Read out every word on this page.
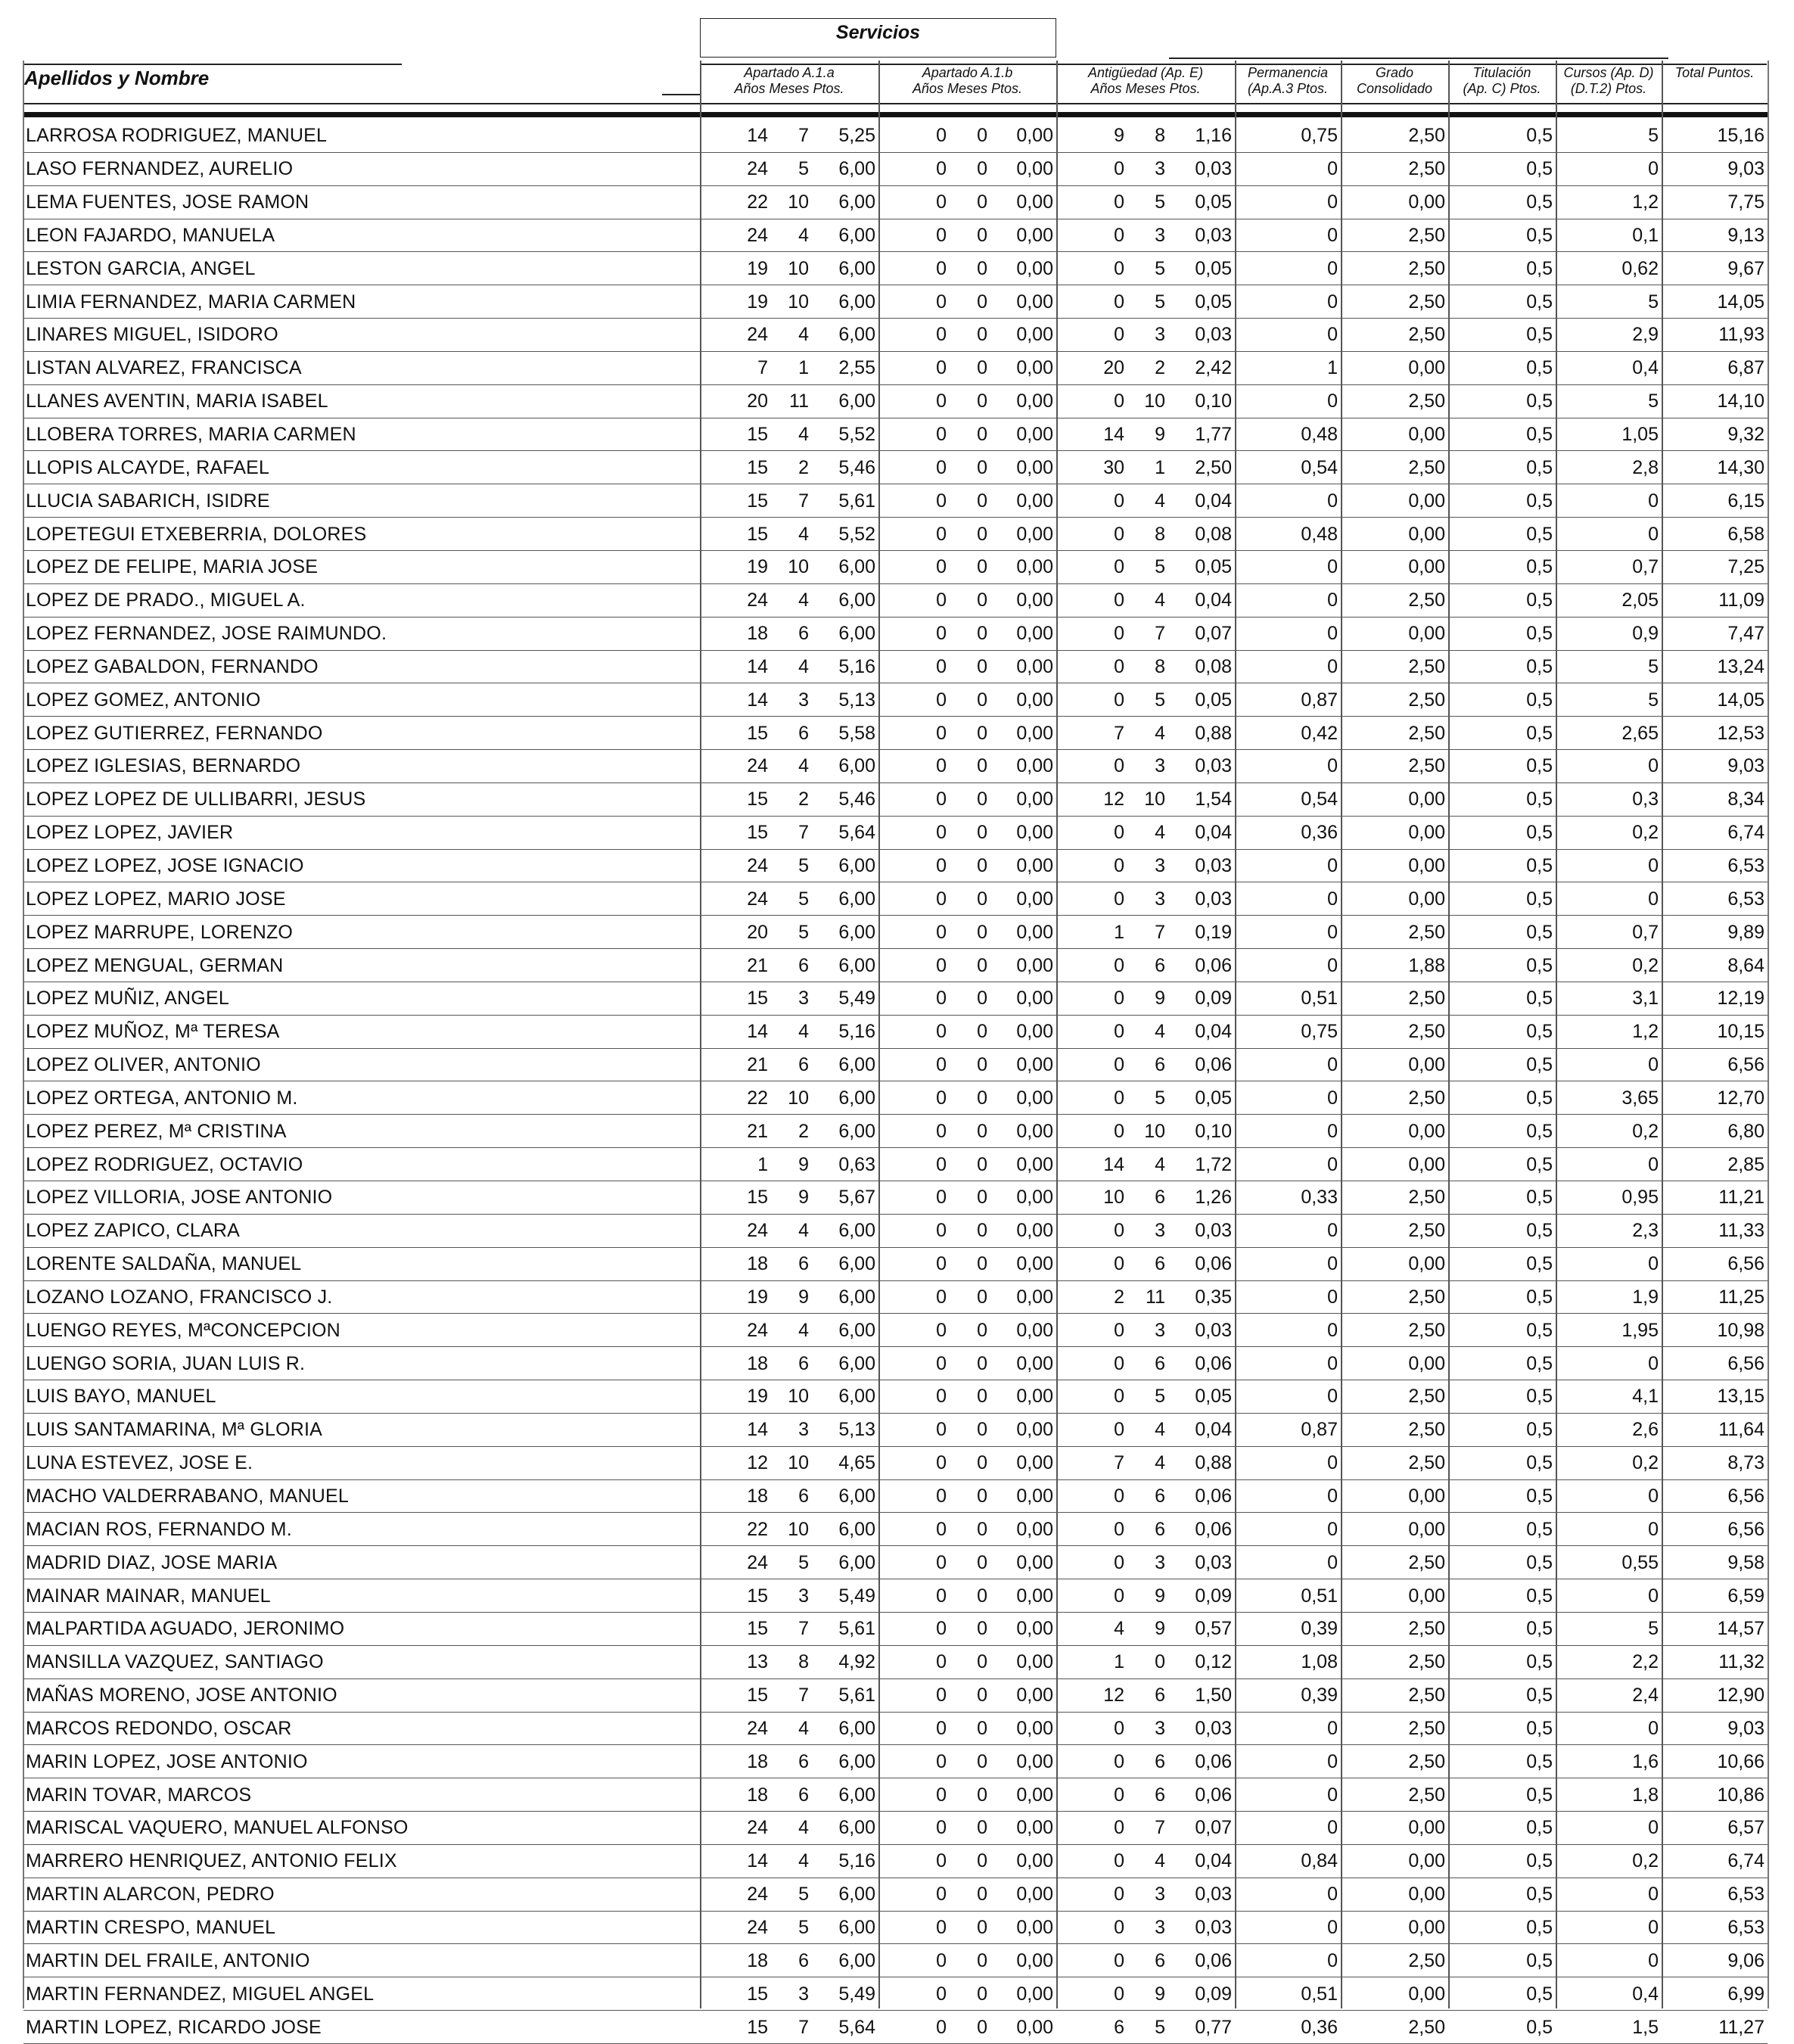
Servicios
Apellidos y Nombre	Apartado A.1.a
Años Meses Ptos.
Apartado A.1.b
Años Meses Ptos.
Antigüedad (Ap. E)
Años Meses Ptos.
Permanencia
(Ap.A.3 Ptos.
Grado
Consolidado
Titulación
(Ap. C) Ptos.
Cursos (Ap. D)
(D.T.2) Ptos.
Total Puntos.
LARROSA RODRIGUEZ, MANUEL	14	7	5,25	0	0	0,00	9	8	1,16	0,75	2,50	0,5	5	15,16
LASO FERNANDEZ, AURELIO	24	5	6,00	0	0	0,00	0	3	0,03	0	2,50	0,5	0	9,03
LEMA FUENTES, JOSE RAMON	22	10	6,00	0	0	0,00	0	5	0,05	0	0,00	0,5	1,2	7,75
LEON FAJARDO, MANUELA	24	4	6,00	0	0	0,00	0	3	0,03	0	2,50	0,5	0,1	9,13
LESTON GARCIA, ANGEL	19	10	6,00	0	0	0,00	0	5	0,05	0	2,50	0,5	0,62	9,67
LIMIA FERNANDEZ, MARIA CARMEN	19	10	6,00	0	0	0,00	0	5	0,05	0	2,50	0,5	5	14,05
LINARES MIGUEL, ISIDORO	24	4	6,00	0	0	0,00	0	3	0,03	0	2,50	0,5	2,9	11,93
LISTAN ALVAREZ, FRANCISCA	7	1	2,55	0	0	0,00	20	2	2,42	1	0,00	0,5	0,4	6,87
LLANES AVENTIN, MARIA ISABEL	20	11	6,00	0	0	0,00	0	10	0,10	0	2,50	0,5	5	14,10
LLOBERA TORRES, MARIA CARMEN	15	4	5,52	0	0	0,00	14	9	1,77	0,48	0,00	0,5	1,05	9,32
LLOPIS ALCAYDE, RAFAEL	15	2	5,46	0	0	0,00	30	1	2,50	0,54	2,50	0,5	2,8	14,30
LLUCIA SABARICH, ISIDRE	15	7	5,61	0	0	0,00	0	4	0,04	0	0,00	0,5	0	6,15
LOPETEGUI ETXEBERRIA, DOLORES	15	4	5,52	0	0	0,00	0	8	0,08	0,48	0,00	0,5	0	6,58
LOPEZ DE FELIPE, MARIA JOSE	19	10	6,00	0	0	0,00	0	5	0,05	0	0,00	0,5	0,7	7,25
LOPEZ DE PRADO., MIGUEL A.	24	4	6,00	0	0	0,00	0	4	0,04	0	2,50	0,5	2,05	11,09
LOPEZ FERNANDEZ, JOSE RAIMUNDO.	18	6	6,00	0	0	0,00	0	7	0,07	0	0,00	0,5	0,9	7,47
LOPEZ GABALDON, FERNANDO	14	4	5,16	0	0	0,00	0	8	0,08	0	2,50	0,5	5	13,24
LOPEZ GOMEZ, ANTONIO	14	3	5,13	0	0	0,00	0	5	0,05	0,87	2,50	0,5	5	14,05
LOPEZ GUTIERREZ, FERNANDO	15	6	5,58	0	0	0,00	7	4	0,88	0,42	2,50	0,5	2,65	12,53
LOPEZ IGLESIAS, BERNARDO	24	4	6,00	0	0	0,00	0	3	0,03	0	2,50	0,5	0	9,03
LOPEZ LOPEZ DE ULLIBARRI, JESUS	15	2	5,46	0	0	0,00	12	10	1,54	0,54	0,00	0,5	0,3	8,34
LOPEZ LOPEZ, JAVIER	15	7	5,64	0	0	0,00	0	4	0,04	0,36	0,00	0,5	0,2	6,74
LOPEZ LOPEZ, JOSE IGNACIO	24	5	6,00	0	0	0,00	0	3	0,03	0	0,00	0,5	0	6,53
LOPEZ LOPEZ, MARIO JOSE	24	5	6,00	0	0	0,00	0	3	0,03	0	0,00	0,5	0	6,53
LOPEZ MARRUPE, LORENZO	20	5	6,00	0	0	0,00	1	7	0,19	0	2,50	0,5	0,7	9,89
LOPEZ MENGUAL, GERMAN	21	6	6,00	0	0	0,00	0	6	0,06	0	1,88	0,5	0,2	8,64
LOPEZ MUÑIZ, ANGEL	15	3	5,49	0	0	0,00	0	9	0,09	0,51	2,50	0,5	3,1	12,19
LOPEZ MUÑOZ, Mª TERESA	14	4	5,16	0	0	0,00	0	4	0,04	0,75	2,50	0,5	1,2	10,15
LOPEZ OLIVER, ANTONIO	21	6	6,00	0	0	0,00	0	6	0,06	0	0,00	0,5	0	6,56
LOPEZ ORTEGA, ANTONIO M.	22	10	6,00	0	0	0,00	0	5	0,05	0	2,50	0,5	3,65	12,70
LOPEZ PEREZ, Mª CRISTINA	21	2	6,00	0	0	0,00	0	10	0,10	0	0,00	0,5	0,2	6,80
LOPEZ RODRIGUEZ, OCTAVIO	1	9	0,63	0	0	0,00	14	4	1,72	0	0,00	0,5	0	2,85
LOPEZ VILLORIA, JOSE ANTONIO	15	9	5,67	0	0	0,00	10	6	1,26	0,33	2,50	0,5	0,95	11,21
LOPEZ ZAPICO, CLARA	24	4	6,00	0	0	0,00	0	3	0,03	0	2,50	0,5	2,3	11,33
LORENTE SALDAÑA, MANUEL	18	6	6,00	0	0	0,00	0	6	0,06	0	0,00	0,5	0	6,56
LOZANO LOZANO, FRANCISCO J.	19	9	6,00	0	0	0,00	2	11	0,35	0	2,50	0,5	1,9	11,25
LUENGO REYES, MªCONCEPCION	24	4	6,00	0	0	0,00	0	3	0,03	0	2,50	0,5	1,95	10,98
LUENGO SORIA, JUAN LUIS R.	18	6	6,00	0	0	0,00	0	6	0,06	0	0,00	0,5	0	6,56
LUIS BAYO, MANUEL	19	10	6,00	0	0	0,00	0	5	0,05	0	2,50	0,5	4,1	13,15
LUIS SANTAMARINA, Mª GLORIA	14	3	5,13	0	0	0,00	0	4	0,04	0,87	2,50	0,5	2,6	11,64
LUNA ESTEVEZ, JOSE E.	12	10	4,65	0	0	0,00	7	4	0,88	0	2,50	0,5	0,2	8,73
MACHO VALDERRABANO, MANUEL	18	6	6,00	0	0	0,00	0	6	0,06	0	0,00	0,5	0	6,56
MACIAN ROS, FERNANDO M.	22	10	6,00	0	0	0,00	0	6	0,06	0	0,00	0,5	0	6,56
MADRID DIAZ, JOSE MARIA	24	5	6,00	0	0	0,00	0	3	0,03	0	2,50	0,5	0,55	9,58
MAINAR MAINAR, MANUEL	15	3	5,49	0	0	0,00	0	9	0,09	0,51	0,00	0,5	0	6,59
MALPARTIDA AGUADO, JERONIMO	15	7	5,61	0	0	0,00	4	9	0,57	0,39	2,50	0,5	5	14,57
MANSILLA VAZQUEZ, SANTIAGO	13	8	4,92	0	0	0,00	1	0	0,12	1,08	2,50	0,5	2,2	11,32
MAÑAS MORENO, JOSE ANTONIO	15	7	5,61	0	0	0,00	12	6	1,50	0,39	2,50	0,5	2,4	12,90
MARCOS REDONDO, OSCAR	24	4	6,00	0	0	0,00	0	3	0,03	0	2,50	0,5	0	9,03
MARIN LOPEZ, JOSE ANTONIO	18	6	6,00	0	0	0,00	0	6	0,06	0	2,50	0,5	1,6	10,66
MARIN TOVAR, MARCOS	18	6	6,00	0	0	0,00	0	6	0,06	0	2,50	0,5	1,8	10,86
MARISCAL VAQUERO, MANUEL ALFONSO	24	4	6,00	0	0	0,00	0	7	0,07	0	0,00	0,5	0	6,57
MARRERO HENRIQUEZ, ANTONIO FELIX	14	4	5,16	0	0	0,00	0	4	0,04	0,84	0,00	0,5	0,2	6,74
MARTIN ALARCON, PEDRO	24	5	6,00	0	0	0,00	0	3	0,03	0	0,00	0,5	0	6,53
MARTIN CRESPO, MANUEL	24	5	6,00	0	0	0,00	0	3	0,03	0	0,00	0,5	0	6,53
MARTIN DEL FRAILE, ANTONIO	18	6	6,00	0	0	0,00	0	6	0,06	0	2,50	0,5	0	9,06
MARTIN FERNANDEZ, MIGUEL ANGEL	15	3	5,49	0	0	0,00	0	9	0,09	0,51	0,00	0,5	0,4	6,99
MARTIN LOPEZ, RICARDO JOSE	15	7	5,64	0	0	0,00	6	5	0,77	0,36	2,50	0,5	1,5	11,27
